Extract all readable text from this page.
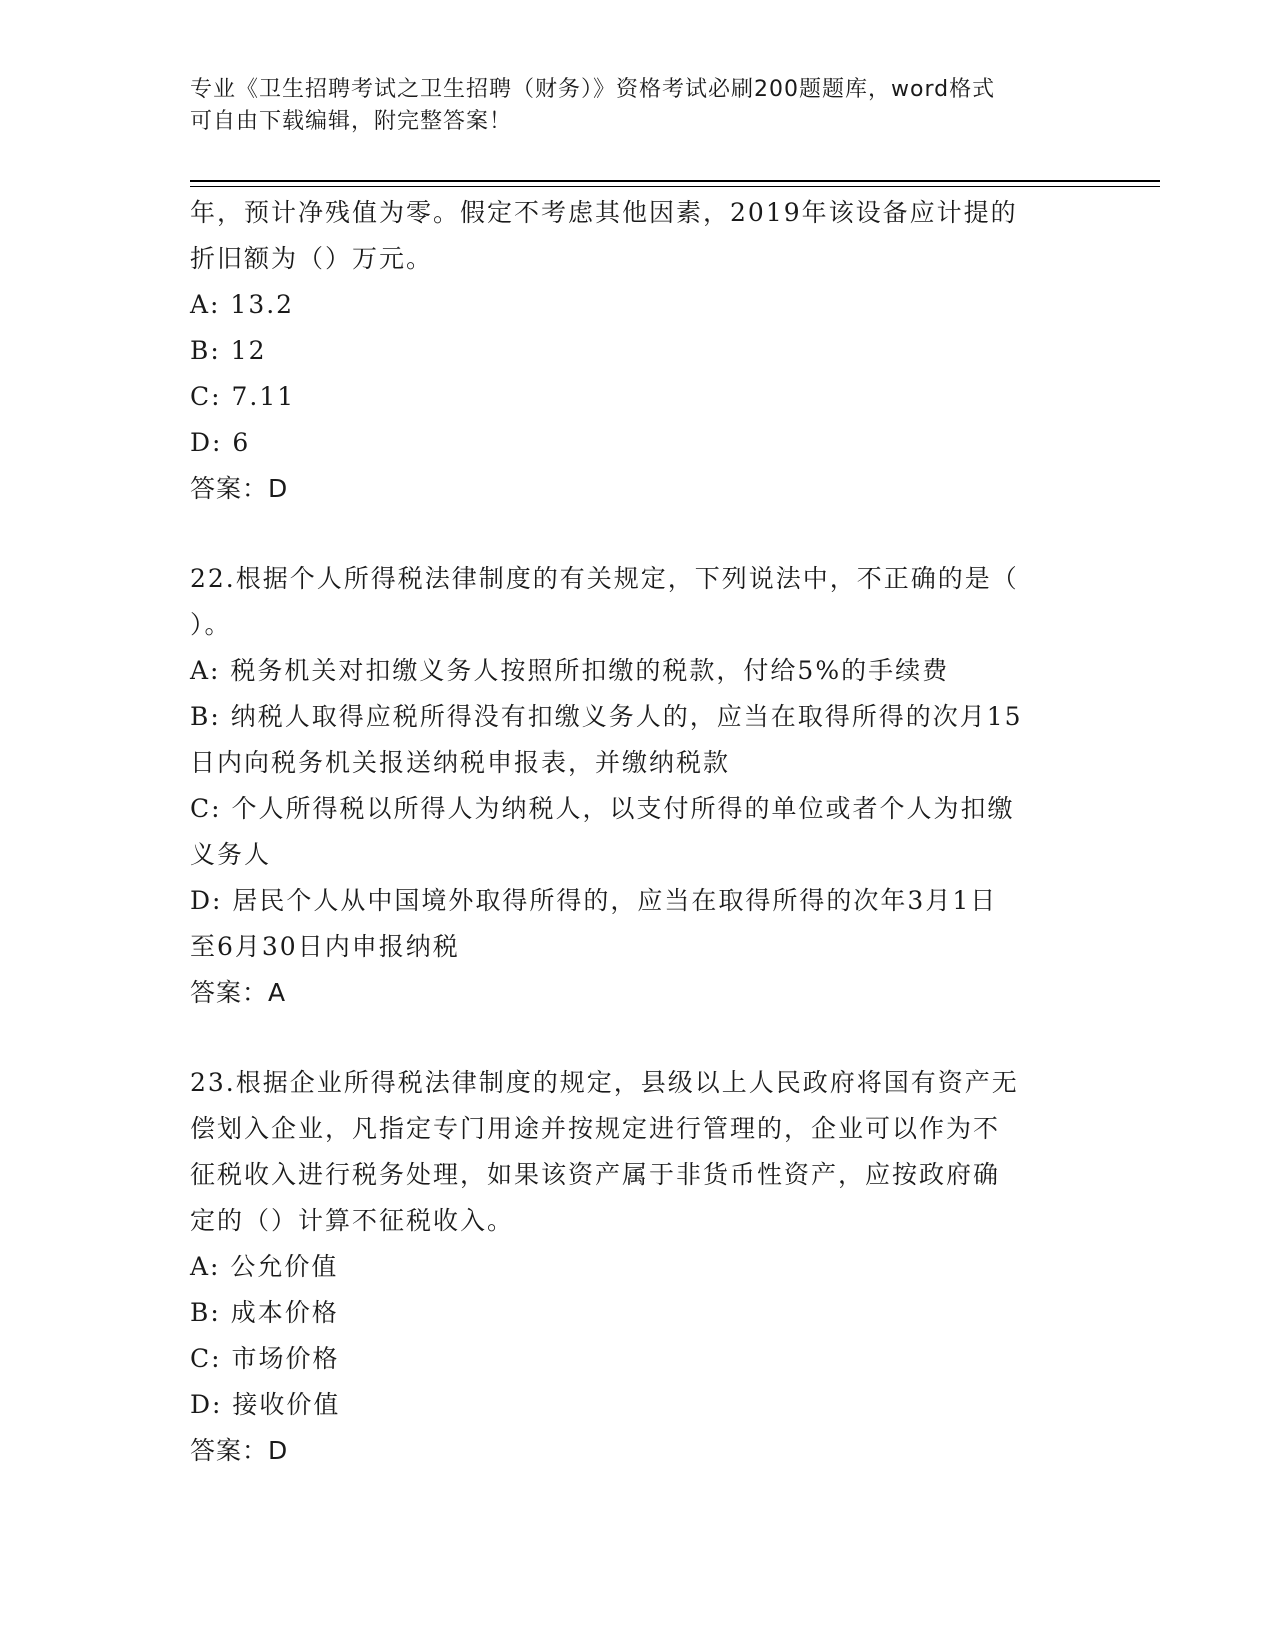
专业《卫生招聘考试之卫生招聘（财务）》资格考试必刷200题题库，word格式
可自由下载编辑，附完整答案！
年，预计净残值为零。假定不考虑其他因素，2019年该设备应计提的
折旧额为（）万元。
A: 13.2
B: 12
C: 7.11
D: 6
答案：D
22.根据个人所得税法律制度的有关规定，下列说法中，不正确的是（
）。
A: 税务机关对扣缴义务人按照所扣缴的税款，付给5%的手续费
B: 纳税人取得应税所得没有扣缴义务人的，应当在取得所得的次月15
日内向税务机关报送纳税申报表，并缴纳税款
C: 个人所得税以所得人为纳税人，以支付所得的单位或者个人为扣缴
义务人
D: 居民个人从中国境外取得所得的，应当在取得所得的次年3月1日
至6月30日内申报纳税
答案：A
23.根据企业所得税法律制度的规定，县级以上人民政府将国有资产无
偿划入企业，凡指定专门用途并按规定进行管理的，企业可以作为不
征税收入进行税务处理，如果该资产属于非货币性资产，应按政府确
定的（）计算不征税收入。
A: 公允价值
B: 成本价格
C: 市场价格
D: 接收价值
答案：D
